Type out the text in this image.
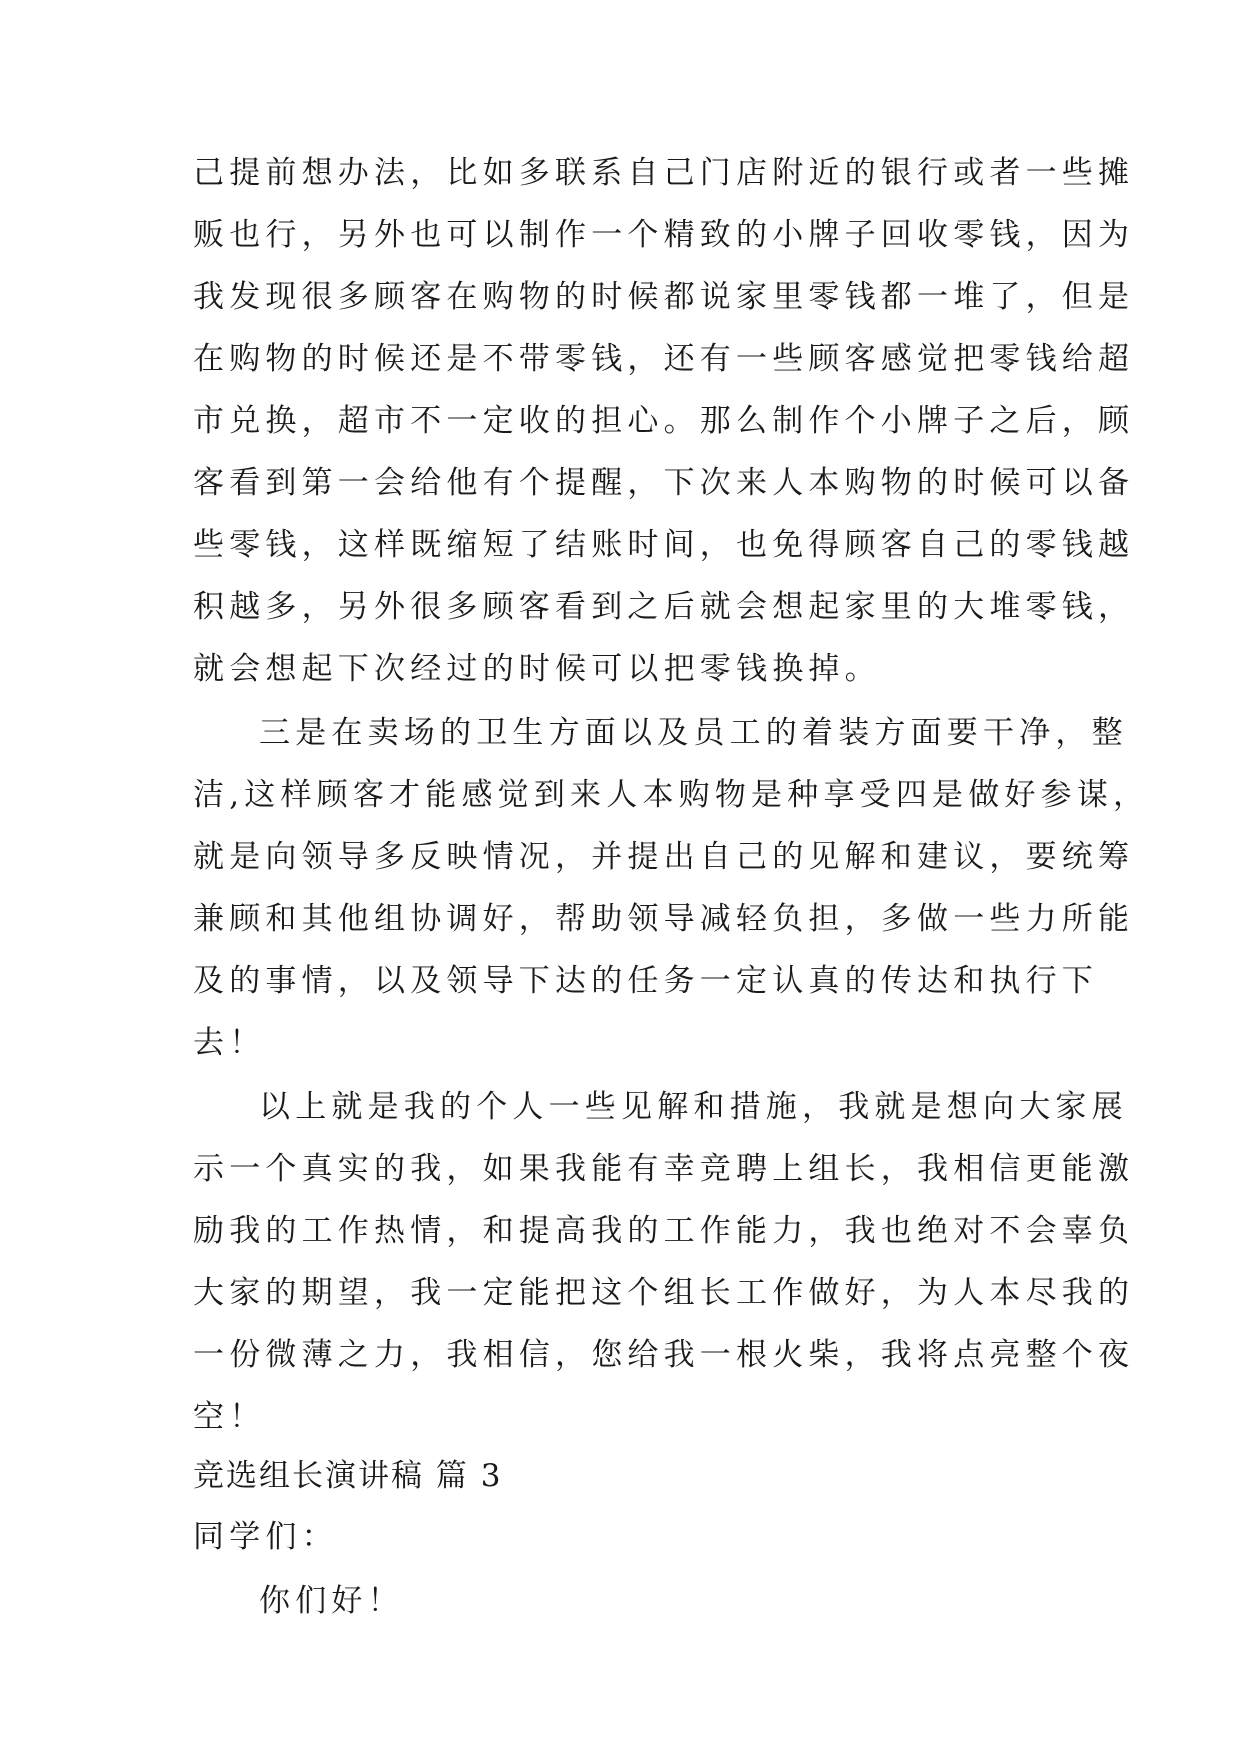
己提前想办法，比如多联系自己门店附近的银行或者一些摊
贩也行，另外也可以制作一个精致的小牌子回收零钱，因为
我发现很多顾客在购物的时候都说家里零钱都一堆了，但是
在购物的时候还是不带零钱，还有一些顾客感觉把零钱给超
市兑换，超市不一定收的担心。那么制作个小牌子之后，顾
客看到第一会给他有个提醒，下次来人本购物的时候可以备
些零钱，这样既缩短了结账时间，也免得顾客自己的零钱越
积越多，另外很多顾客看到之后就会想起家里的大堆零钱，
就会想起下次经过的时候可以把零钱换掉。
三是在卖场的卫生方面以及员工的着装方面要干净，整
洁,这样顾客才能感觉到来人本购物是种享受四是做好参谋，
就是向领导多反映情况，并提出自己的见解和建议，要统筹
兼顾和其他组协调好，帮助领导减轻负担，多做一些力所能
及的事情，以及领导下达的任务一定认真的传达和执行下
去！
以上就是我的个人一些见解和措施，我就是想向大家展
示一个真实的我，如果我能有幸竞聘上组长，我相信更能激
励我的工作热情，和提高我的工作能力，我也绝对不会辜负
大家的期望，我一定能把这个组长工作做好，为人本尽我的
一份微薄之力，我相信，您给我一根火柴，我将点亮整个夜
空！
竞选组长演讲稿 篇 3
同学们：
你们好！
